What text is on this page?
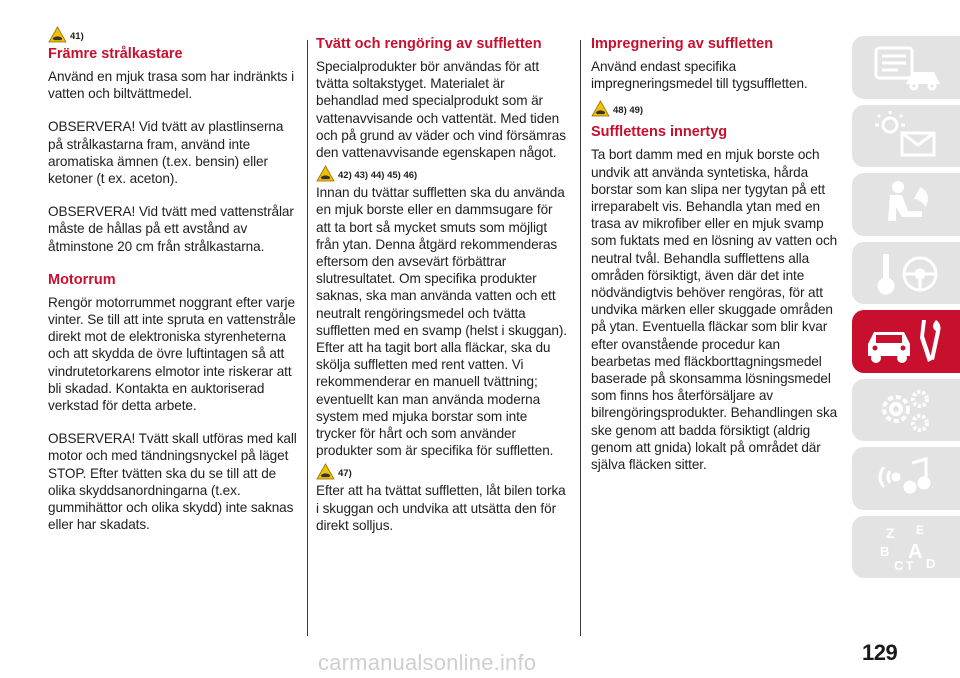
41)
Främre strålkastare

Använd en mjuk trasa som har indränkts i vatten och biltvättmedel.

OBSERVERA! Vid tvätt av plastlinserna på strålkastarna fram, använd inte aromatiska ämnen (t.ex. bensin) eller ketoner (t ex. aceton).

OBSERVERA! Vid tvätt med vattenstrålar måste de hållas på ett avstånd av åtminstone 20 cm från strålkastarna.

Motorrum

Rengör motorrummet noggrant efter varje vinter. Se till att inte spruta en vattenstråle direkt mot de elektroniska styrenheterna och att skydda de övre luftintagen så att vindrutetorkarens elmotor inte riskerar att bli skadad. Kontakta en auktoriserad verkstad för detta arbete.

OBSERVERA! Tvätt skall utföras med kall motor och med tändningsnyckel på läget STOP. Efter tvätten ska du se till att de olika skyddsanordningarna (t.ex. gummihättor och olika skydd) inte saknas eller har skadats.

Tvätt och rengöring av suffletten

Specialprodukter bör användas för att tvätta soltakstyget. Materialet är behandlad med specialprodukt som är vattenavvisande och vattentät. Med tiden och på grund av väder och vind försämras den vattenavvisande egenskapen något.

42) 43) 44) 45) 46)

Innan du tvättar suffletten ska du använda en mjuk borste eller en dammsugare för att ta bort så mycket smuts som möjligt från ytan. Denna åtgärd rekommenderas eftersom den avsevärt förbättrar slutresultatet. Om specifika produkter saknas, ska man använda vatten och ett neutralt rengöringsmedel och tvätta suffletten med en svamp (helst i skuggan). Efter att ha tagit bort alla fläckar, ska du skölja suffletten med rent vatten. Vi rekommenderar en manuell tvättning; eventuellt kan man använda moderna system med mjuka borstar som inte trycker för hårt och som använder produkter som är specifika för suffletten.

47)

Efter att ha tvättat suffletten, låt bilen torka i skuggan och undvika att utsätta den för direkt solljus.

Impregnering av suffletten

Använd endast specifika impregneringsmedel till tygsuffletten.

48) 49)
Sufflettens innertyg

Ta bort damm med en mjuk borste och undvik att använda syntetiska, hårda borstar som kan slipa ner tygytan på ett irreparabelt vis. Behandla ytan med en trasa av mikrofiber eller en mjuk svamp som fuktats med en lösning av vatten och neutral tvål. Behandla sufflettens alla områden försiktigt, även där det inte nödvändigtvis behöver rengöras, för att undvika märken eller skuggade områden på ytan. Eventuella fläckar som blir kvar efter ovanstående procedur kan bearbetas med fläckborttagningsmedel baserade på skonsamma lösningsmedel som finns hos återförsäljare av bilrengöringsprodukter. Behandlingen ska ske genom att badda försiktigt (aldrig genom att gnida) lokalt på området där själva fläcken sitter.

Z E
B A
C T D
129
carmanualsonline.info
